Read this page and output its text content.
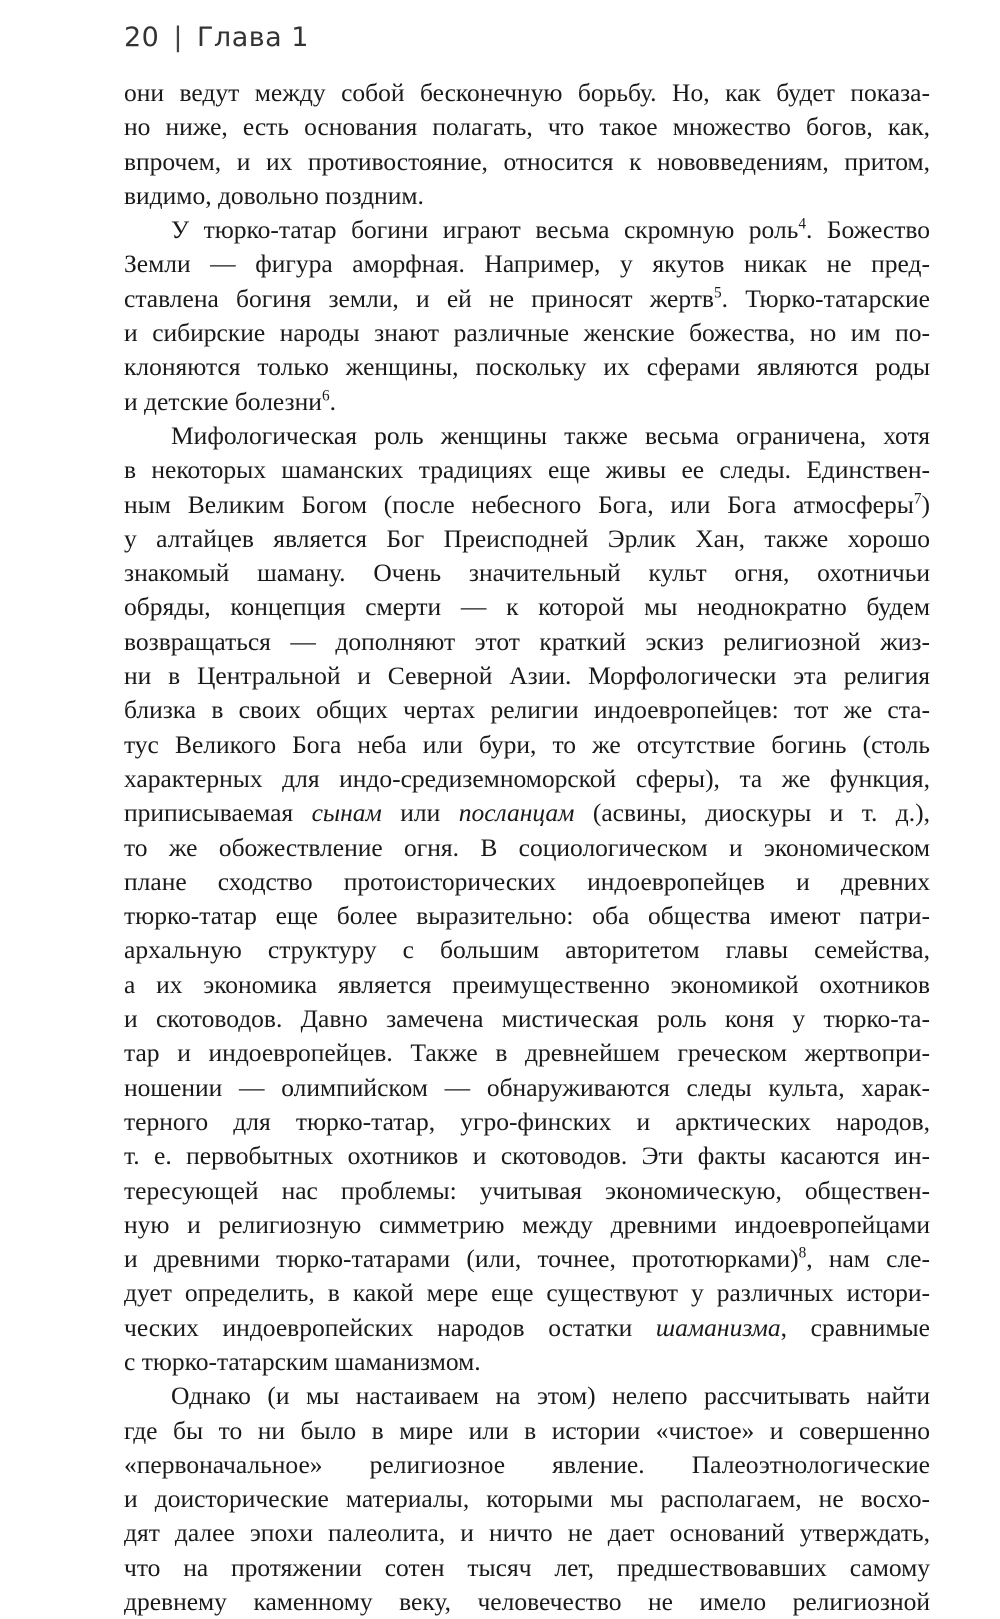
20 | Глава 1
они ведут между собой бесконечную борьбу. Но, как будет показа-
но ниже, есть основания полагать, что такое множество богов, как,
впрочем, и их противостояние, относится к нововведениям, притом,
видимо, довольно поздним.
У тюрко-татар богини играют весьма скромную роль$^4$. Божество
Земли — фигура аморфная. Например, у якутов никак не пред-
ставлена богиня земли, и ей не приносят жертв$^5$. Тюрко-татарские
и сибирские народы знают различные женские божества, но им по-
клоняются только женщины, поскольку их сферами являются роды
и детские болезни$^6$.
Мифологическая роль женщины также весьма ограничена, хотя
в некоторых шаманских традициях еще живы ее следы. Единствен-
ным Великим Богом (после небесного Бога, или Бога атмосферы$^7$)
у алтайцев является Бог Преисподней Эрлик Хан, также хорошо
знакомый шаману. Очень значительный культ огня, охотничьи
обряды, концепция смерти — к которой мы неоднократно будем
возвращаться — дополняют этот краткий эскиз религиозной жиз-
ни в Центральной и Северной Азии. Морфологически эта религия
близка в своих общих чертах религии индоевропейцев: тот же ста-
тус Великого Бога неба или бури, то же отсутствие богинь (столь
характерных для индо-средиземноморской сферы), та же функция,
приписываемая сынам или посланцам (асвины, диоскуры и т. д.),
то же обожествление огня. В социологическом и экономическом
плане сходство протоисторических индоевропейцев и древних
тюрко-татар еще более выразительно: оба общества имеют патри-
архальную структуру с большим авторитетом главы семейства,
а их экономика является преимущественно экономикой охотников
и скотоводов. Давно замечена мистическая роль коня у тюрко-та-
тар и индоевропейцев. Также в древнейшем греческом жертвопри-
ношении — олимпийском — обнаруживаются следы культа, харак-
терного для тюрко-татар, угро-финских и арктических народов,
т. е. первобытных охотников и скотоводов. Эти факты касаются ин-
тересующей нас проблемы: учитывая экономическую, обществен-
ную и религиозную симметрию между древними индоевропейцами
и древними тюрко-татарами (или, точнее, прототюрками)$^8$, нам сле-
дует определить, в какой мере еще существуют у различных истори-
ческих индоевропейских народов остатки шаманизма, сравнимые
с тюрко-татарским шаманизмом.
Однако (и мы настаиваем на этом) нелепо рассчитывать найти
где бы то ни было в мире или в истории «чистое» и совершенно
«первоначальное» религиозное явление. Палеоэтнологические
и доисторические материалы, которыми мы располагаем, не восхо-
дят далее эпохи палеолита, и ничто не дает оснований утверждать,
что на протяжении сотен тысяч лет, предшествовавших самому
древнему каменному веку, человечество не имело религиозной
